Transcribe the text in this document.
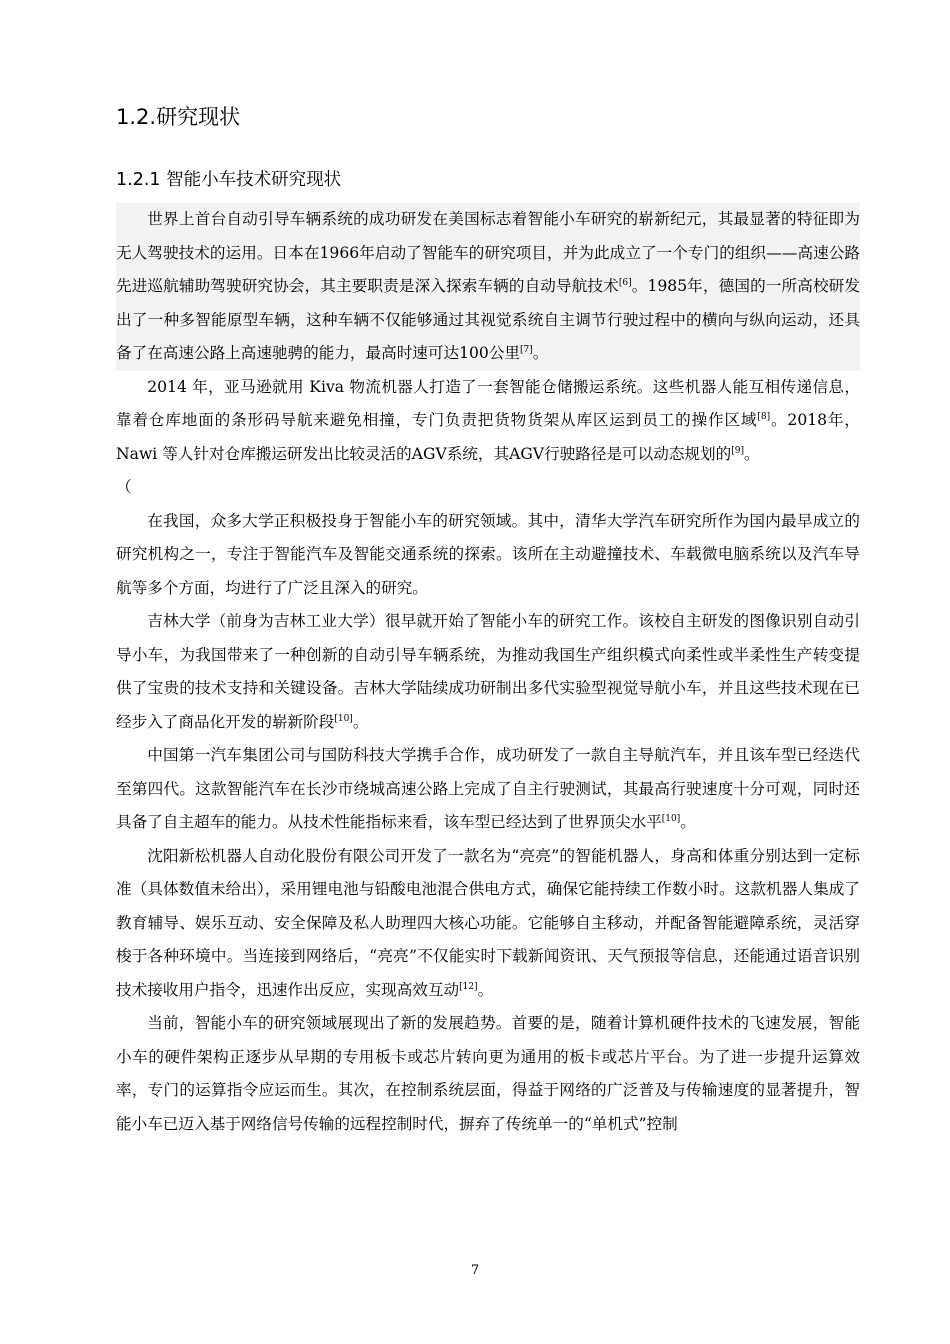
1.2.研究现状
1.2.1 智能小车技术研究现状

世界上首台自动引导车辆系统的成功研发在美国标志着智能小车研究的崭新纪元，其最显著的特征即为无人驾驶技术的运用。日本在1966年启动了智能车的研究项目，并为此成立了一个专门的组织——高速公路先进巡航辅助驾驶研究协会，其主要职责是深入探索车辆的自动导航技术[6]。1985年，德国的一所高校研发出了一种多智能原型车辆，这种车辆不仅能够通过其视觉系统自主调节行驶过程中的横向与纵向运动，还具备了在高速公路上高速驰骋的能力，最高时速可达100公里[7]。

2014 年，亚马逊就用 Kiva 物流机器人打造了一套智能仓储搬运系统。这些机器人能互相传递信息，靠着仓库地面的条形码导航来避免相撞，专门负责把货物货架从库区运到员工的操作区域[8]。2018年，Nawi 等人针对仓库搬运研发出比较灵活的AGV系统，其AGV行驶路径是可以动态规划的[9]。

（

在我国，众多大学正积极投身于智能小车的研究领域。其中，清华大学汽车研究所作为国内最早成立的研究机构之一，专注于智能汽车及智能交通系统的探索。该所在主动避撞技术、车载微电脑系统以及汽车导航等多个方面，均进行了广泛且深入的研究。

吉林大学（前身为吉林工业大学）很早就开始了智能小车的研究工作。该校自主研发的图像识别自动引导小车，为我国带来了一种创新的自动引导车辆系统，为推动我国生产组织模式向柔性或半柔性生产转变提供了宝贵的技术支持和关键设备。吉林大学陆续成功研制出多代实验型视觉导航小车，并且这些技术现在已经步入了商品化开发的崭新阶段[10]。

中国第一汽车集团公司与国防科技大学携手合作，成功研发了一款自主导航汽车，并且该车型已经迭代至第四代。这款智能汽车在长沙市绕城高速公路上完成了自主行驶测试，其最高行驶速度十分可观，同时还具备了自主超车的能力。从技术性能指标来看，该车型已经达到了世界顶尖水平[10]。

沈阳新松机器人自动化股份有限公司开发了一款名为“亮亮”的智能机器人，身高和体重分别达到一定标准（具体数值未给出），采用锂电池与铅酸电池混合供电方式，确保它能持续工作数小时。这款机器人集成了教育辅导、娱乐互动、安全保障及私人助理四大核心功能。它能够自主移动，并配备智能避障系统，灵活穿梭于各种环境中。当连接到网络后，“亮亮”不仅能实时下载新闻资讯、天气预报等信息，还能通过语音识别技术接收用户指令，迅速作出反应，实现高效互动[12]。

当前，智能小车的研究领域展现出了新的发展趋势。首要的是，随着计算机硬件技术的飞速发展，智能小车的硬件架构正逐步从早期的专用板卡或芯片转向更为通用的板卡或芯片平台。为了进一步提升运算效率，专门的运算指令应运而生。其次，在控制系统层面，得益于网络的广泛普及与传输速度的显著提升，智能小车已迈入基于网络信号传输的远程控制时代，摒弃了传统单一的“单机式”控制

7
